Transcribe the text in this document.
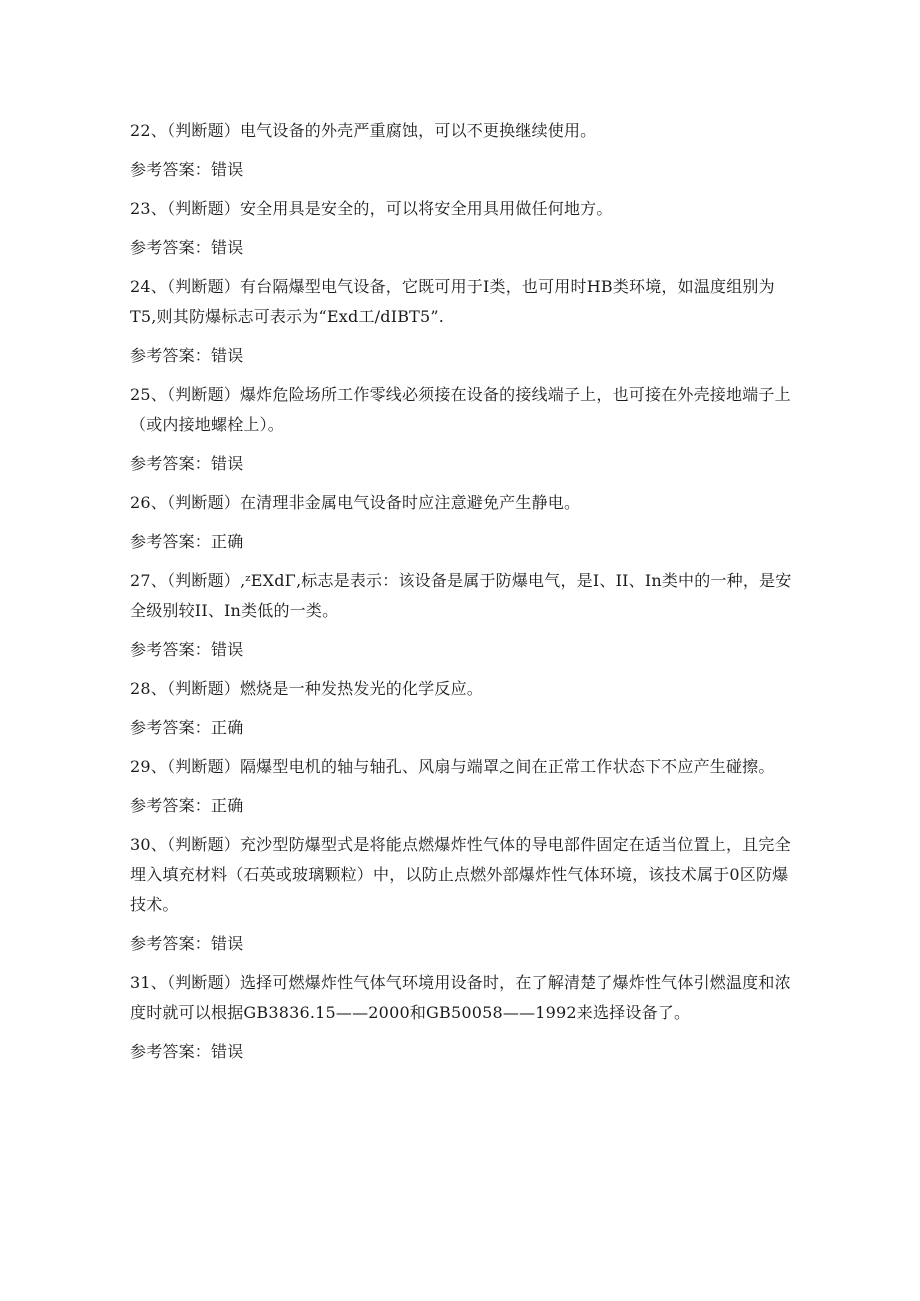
22、（判断题）电气设备的外壳严重腐蚀，可以不更换继续使用。

参考答案：错误

23、（判断题）安全用具是安全的，可以将安全用具用做任何地方。

参考答案：错误

24、（判断题）有台隔爆型电气设备，它既可用于I类，也可用时HB类环境，如温度组别为T5,则其防爆标志可表示为“Exd工/dIBT5”.

参考答案：错误

25、（判断题）爆炸危险场所工作零线必须接在设备的接线端子上，也可接在外壳接地端子上（或内接地螺栓上）。

参考答案：错误

26、（判断题）在清理非金属电气设备时应注意避免产生静电。

参考答案：正确

27、（判断题）‚ᶻEXdΓ‚标志是表示：该设备是属于防爆电气，是I、II、In类中的一种，是安全级别较II、In类低的一类。

参考答案：错误

28、（判断题）燃烧是一种发热发光的化学反应。

参考答案：正确

29、（判断题）隔爆型电机的轴与轴孔、风扇与端罩之间在正常工作状态下不应产生碰擦。

参考答案：正确

30、（判断题）充沙型防爆型式是将能点燃爆炸性气体的导电部件固定在适当位置上，且完全埋入填充材料（石英或玻璃颗粒）中，以防止点燃外部爆炸性气体环境，该技术属于0区防爆技术。

参考答案：错误

31、（判断题）选择可燃爆炸性气体气环境用设备时，在了解清楚了爆炸性气体引燃温度和浓度时就可以根据GB3836.15——2000和GB50058——1992来选择设备了。

参考答案：错误
